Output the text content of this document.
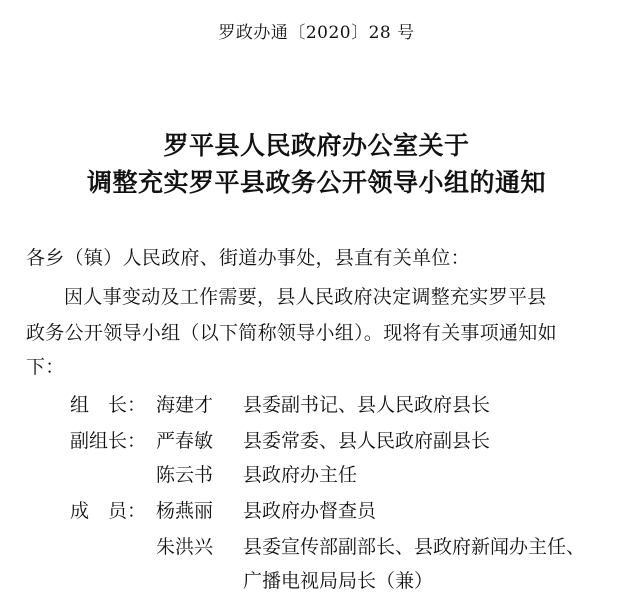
罗政办通〔2020〕28 号
罗平县人民政府办公室关于
调整充实罗平县政务公开领导小组的通知
各乡（镇）人民政府、街道办事处，县直有关单位：
因人事变动及工作需要，县人民政府决定调整充实罗平县
政务公开领导小组（以下简称领导小组）。现将有关事项通知如
下：
组　长： 海建才 县委副书记、县人民政府县长
副组长： 严春敏 县委常委、县人民政府副县长
陈云书 县政府办主任
成　员： 杨燕丽 县政府办督查员
朱洪兴 县委宣传部副部长、县政府新闻办主任、
广播电视局局长（兼）
